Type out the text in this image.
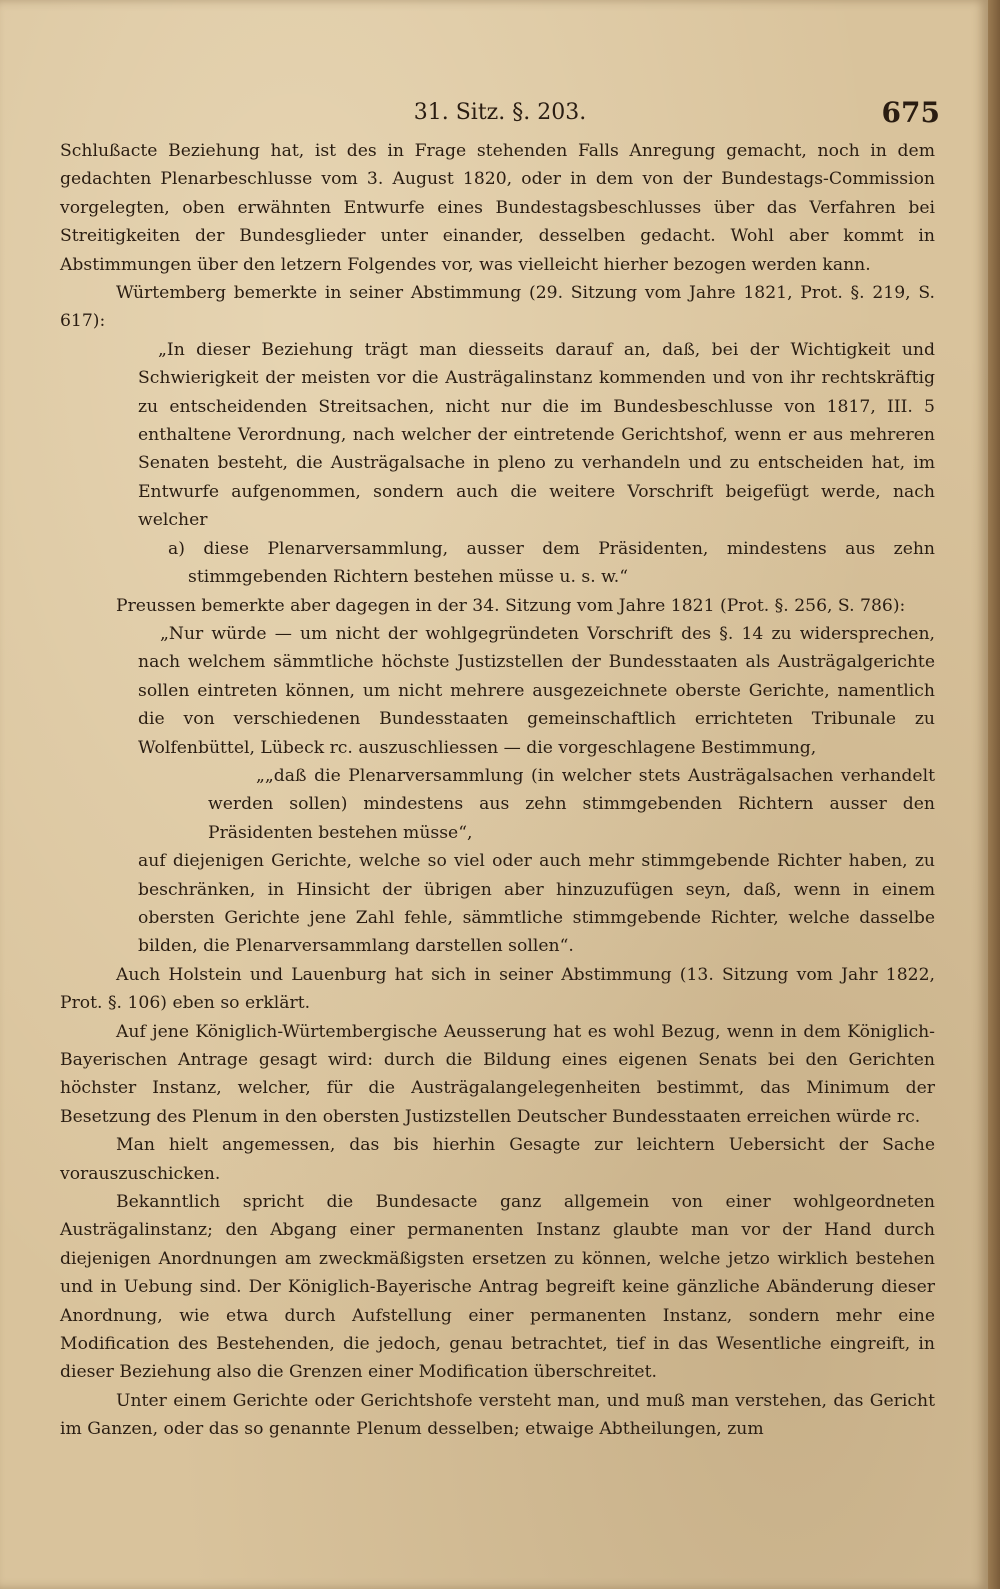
31. Sitz. §. 203.	675

Schlußacte Beziehung hat, ist des in Frage stehenden Falls Anregung gemacht, noch in dem gedachten Plenarbeschlusse vom 3. August 1820, oder in dem von der Bundestags-Commission vorgelegten, oben erwähnten Entwurfe eines Bundestagsbeschlusses über das Verfahren bei Streitigkeiten der Bundesglieder unter einander, desselben gedacht. Wohl aber kommt in Abstimmungen über den letzern Folgendes vor, was vielleicht hierher bezogen werden kann.

Würtemberg bemerkte in seiner Abstimmung (29. Sitzung vom Jahre 1821, Prot. §. 219, S. 617):

„In dieser Beziehung trägt man diesseits darauf an, daß, bei der Wichtigkeit und Schwierigkeit der meisten vor die Austrägalinstanz kommenden und von ihr rechtskräftig zu entscheidenden Streitsachen, nicht nur die im Bundesbeschlusse von 1817, III. 5 enthaltene Verordnung, nach welcher der eintretende Gerichtshof, wenn er aus mehreren Senaten besteht, die Austrägalsache in pleno zu verhandeln und zu entscheiden hat, im Entwurfe aufgenommen, sondern auch die weitere Vorschrift beigefügt werde, nach welcher

a) diese Plenarversammlung, ausser dem Präsidenten, mindestens aus zehn stimmgebenden Richtern bestehen müsse u. s. w.“

Preussen bemerkte aber dagegen in der 34. Sitzung vom Jahre 1821 (Prot. §. 256, S. 786):

„Nur würde — um nicht der wohlgegründeten Vorschrift des §. 14 zu widersprechen, nach welchem sämmtliche höchste Justizstellen der Bundesstaaten als Austrägalgerichte sollen eintreten können, um nicht mehrere ausgezeichnete oberste Gerichte, namentlich die von verschiedenen Bundesstaaten gemeinschaftlich errichteten Tribunale zu Wolfenbüttel, Lübeck rc. auszuschliessen — die vorgeschlagene Bestimmung,

„„daß die Plenarversammlung (in welcher stets Austrägalsachen verhandelt werden sollen) mindestens aus zehn stimmgebenden Richtern ausser den Präsidenten bestehen müsse“,

auf diejenigen Gerichte, welche so viel oder auch mehr stimmgebende Richter haben, zu beschränken, in Hinsicht der übrigen aber hinzuzufügen seyn, daß, wenn in einem obersten Gerichte jene Zahl fehle, sämmtliche stimmgebende Richter, welche dasselbe bilden, die Plenarversammlang darstellen sollen“.

Auch Holstein und Lauenburg hat sich in seiner Abstimmung (13. Sitzung vom Jahr 1822, Prot. §. 106) eben so erklärt.

Auf jene Königlich-Würtembergische Aeusserung hat es wohl Bezug, wenn in dem Königlich-Bayerischen Antrage gesagt wird: durch die Bildung eines eigenen Senats bei den Gerichten höchster Instanz, welcher, für die Austrägalangelegenheiten bestimmt, das Minimum der Besetzung des Plenum in den obersten Justizstellen Deutscher Bundesstaaten erreichen würde rc.

Man hielt angemessen, das bis hierhin Gesagte zur leichtern Uebersicht der Sache vorauszuschicken.

Bekanntlich spricht die Bundesacte ganz allgemein von einer wohlgeordneten Austrägalinstanz; den Abgang einer permanenten Instanz glaubte man vor der Hand durch diejenigen Anordnungen am zweckmäßigsten ersetzen zu können, welche jetzo wirklich bestehen und in Uebung sind. Der Königlich-Bayerische Antrag begreift keine gänzliche Abänderung dieser Anordnung, wie etwa durch Aufstellung einer permanenten Instanz, sondern mehr eine Modification des Bestehenden, die jedoch, genau betrachtet, tief in das Wesentliche eingreift, in dieser Beziehung also die Grenzen einer Modification überschreitet.

Unter einem Gerichte oder Gerichtshofe versteht man, und muß man verstehen, das Gericht im Ganzen, oder das so genannte Plenum desselben; etwaige Abtheilungen, zum
